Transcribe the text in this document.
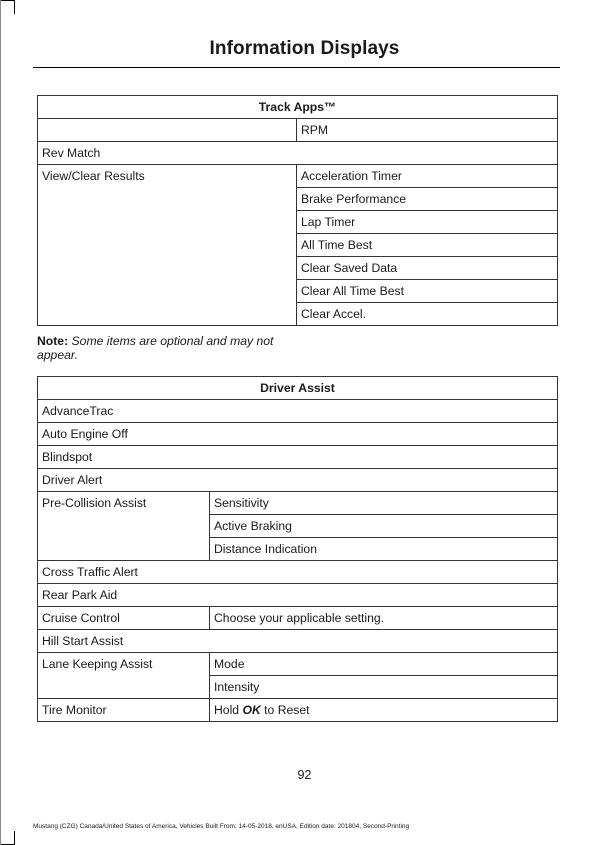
Information Displays
Track Apps™	
	RPM
Rev Match	
View/Clear Results	Acceleration Timer
	Brake Performance
	Lap Timer
	All Time Best
	Clear Saved Data
	Clear All Time Best
	Clear Accel.
Note: Some items are optional and may not appear.
Driver Assist	
AdvanceTrac	
Auto Engine Off	
Blindspot	
Driver Alert	
Pre-Collision Assist	Sensitivity
	Active Braking
	Distance Indication
Cross Traffic Alert	
Rear Park Aid	
Cruise Control	Choose your applicable setting.
Hill Start Assist	
Lane Keeping Assist	Mode
	Intensity
Tire Monitor	Hold OK to Reset
92
Mustang (CZG) Canada/United States of America, Vehicles Built From: 14-05-2018, enUSA, Edition date: 201804, Second-Printing
